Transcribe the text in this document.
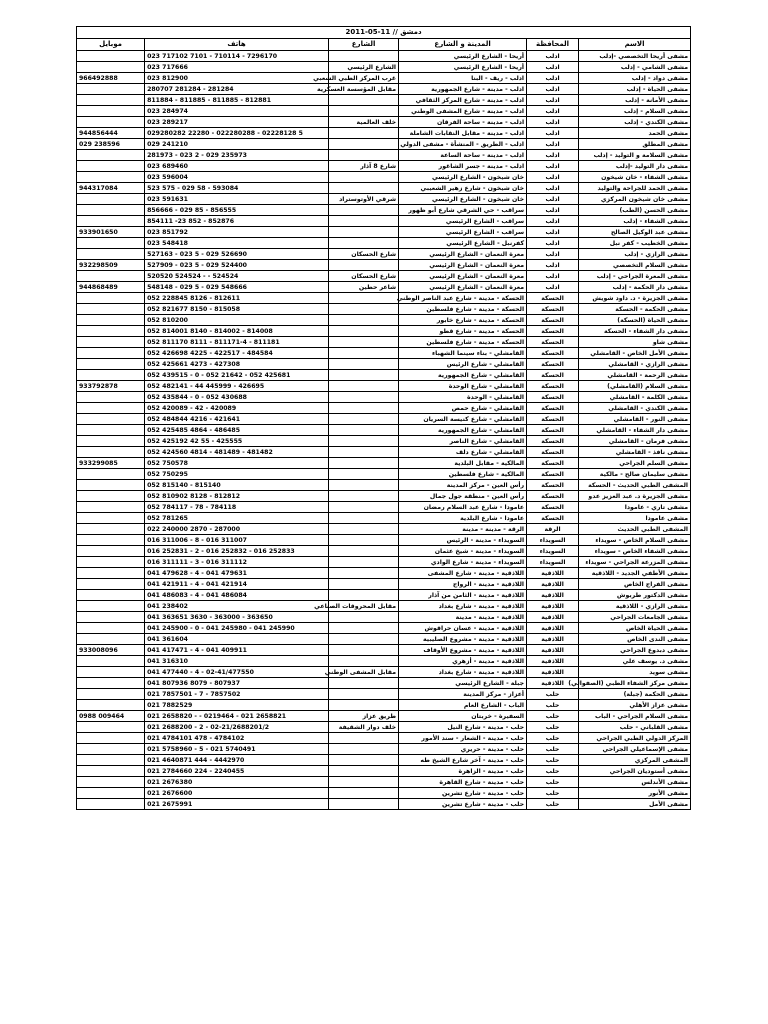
دمشق // 11-05-2011					
الاسم	المحافظة	المدينة و الشارع	الشارع	هاتف	موبايل
مشفى أريحا التخصصي -إدلب	ادلب	أريحا - الشارع الرئيسي		023 717102 7101 - 710114 - 7296170	
مشفى الشامي - إدلب	ادلب	أريحا - الشارع الرئيسي	الشارع الرئيسي	023 717666	
مشفى دواد - إدلب	ادلب	ادلب - ريف - البنا	غرب المركز الطبي الشعبي	023 812900	966492888
مشفى الحياة - إدلب	ادلب	ادلب - مدينة - شارع الجمهورية	مقابل المؤسسة العسكرية	280707 281284 - 281284	
مشفى الأمانة - إدلب	ادلب	ادلب - مدينة - شارع المركز الثقافي		811884 - 811885 - 811885 - 812881	
مشفى السلام - إدلب	ادلب	ادلب - مدينة - شارع المشفى الوطني		023 284974	
مشفى الكندي - إدلب	ادلب	ادلب - مدينة - ساحة الفرقان	خلف العالمية	023 289217	
مشفى الحمد	ادلب	ادلب - مدينة - مقابل النقابات الشاملة		029280282 22280 - 022280288 - 02228128 5	944856444
مشفى المطلق	ادلب	ادلب - الطريق - المنشأة - مشفى الدولي		029 241210	029 238596
مشفى السلامة و التوليد - إدلب	ادلب	ادلب - مدينة - ساحة الساعة		281973 - 023 2 - 029 235973	
مشفى دار التوليد -إدلب	ادلب	ادلب - مدينة - جسر الشاغور	شارع 8 آذار	023 689460	
مشفى الشفاء - خان شيخون	ادلب	خان شيخون - الشارع الرئيسي		023 596004	
مشفى الحمد للجراحة والتوليد	ادلب	خان شيخون - شارع زهير الشعيبي		523 575 - 029 58 - 593084	944317084
مشفى خان شيخون المركزي	ادلب	خان شيخون - الشارع الرئيسي	شرقي الأوتوستراد	023 591631	
مشفى الحسن (الطب)	ادلب	سراقب - حي الشرقي شارع أبو ظهور		856666 - 029 85 - 856555	
مشفى الشفاء - إدلب	ادلب	سراقب - الشارع الرئيسي		854111 -23 852 - 852876	
مشفى عبد الوكيل الصالح	ادلب	سراقب - الشارع الرئيسي		023 851792	933901650
مشفى الخطيب - كفر نبل	ادلب	كفرنبل - الشارع الرئيسي		023 548418	
مشفى الرازي - إدلب	ادلب	معرة النعمان - الشارع الرئيسي	شارع الحسكان	527163 - 023 5 - 029 526690	
مشفى السلام التخصصي	ادلب	معرة النعمان - الشارع الرئيسي		527909 - 023 5 - 029 524400	932298509
مشفى المعرة الجراحي - إدلب	ادلب	معرة النعمان - الشارع الرئيسي	شارع الحسكان	520520 524524 - - 524524	
مشفى دار الحكمة - إدلب	ادلب	معرة النعمان - الشارع الرئيسي	شاعر حطين	548148 - 029 5 - 029 548666	944868489
مشفى الجزيرة - د. داود شويش	الحسكة	الحسكة - مدينة - شارع عبد الناصر الوطني		052 228845 8126 - 812611	
مشفى الحكمة - الحسكة	الحسكة	الحسكة - مدينة - شارع فلسطين		052 821677 8150 - 815058	
مشفى الحياة (الحسكة)	الحسكة	الحسكة - مدينة - شارع خابور		052 810200	
مشفى دار الشفاء - الحسكة	الحسكة	الحسكة - مدينة - شارع قطو		052 814001 8140 - 814002 - 814008	
مشفى شاو	الحسكة	الحسكة - مدينة - شارع فلسطين		052 811170 8111 - 811171-4 - 811181	
مشفى الأمل الخاص - القامشلي	الحسكة	القامشلي - بناء سينما الشهباء		052 426698 4225 - 422517 - 484584	
مشفى الرازي - القامشلي	الحسكة	القامشلي - شارع الرئيس		052 425661 4273 - 427308	
مشفى الرحمة - القامشلي	الحسكة	القامشلي - شارع الجمهورية		052 439515 - 0 - 052 21642 - 052 425681	
مشفى السلام (القامشلي)	الحسكة	القامشلي - شارع الوحدة		052 482141 - 44 445999 - 426695	933792878
مشفى الكلمة - القامشلي	الحسكة	القامشلي - الوحدة		052 435844 - 0 - 052 430688	
مشفى الكندي - القامشلي	الحسكة	القامشلي - شارع حمص		052 420089 - 42 - 420089	
مشفى النور - القامشلي	الحسكة	القامشلي - شارع كنيسة السريان		052 484844 4216 - 421641	
مشفى دار الشفاء - القامشلي	الحسكة	القامشلي - شارع الجمهورية		052 425485 4864 - 486485	
مشفى فرمان - القامشلي	الحسكة	القامشلي - شارع الناصر		052 425192 42 55 - 425555	
مشفى نافذ - القامشلي	الحسكة	القامشلي - شارع دلف		052 424560 4814 - 481489 - 481482	
مشفى السلم الجراحي	الحسكة	المالكية - مقابل البلدية		052 750578	933299085
مشفى سليمان صالح - مالكية	الحسكة	المالكية - شارع فلسطين		052 750295	
المشفى الطبي الحديث - الحسكة	الحسكة	رأس العين - مركز المدينة		052 815140 - 815140	
مشفى الجزيرة د. عبد العزيز عدو	الحسكة	رأس العين - منطقة جول جمال		052 810902 8128 - 812812	
مشفى تاري - عامودا	الحسكة	عامودا - شارع عبد السلام رمضان		052 784117 - 78 - 784118	
مشفى عامودا	الحسكة	عامودا - شارع البلدية		052 781265	
المشفى الطبي الحديث	الرقة	الرقة - مدينة - مدينة		022 240000 2870 - 287000	
مشفى السلام الخاص - سويداء	السويداء	السويداء - مدينة - الرئيس		016 311006 - 8 - 016 311007	
مشفى الشفاء الخاص - سويداء	السويداء	السويداء - مدينة - شيخ عثمان		016 252831 - 2 - 016 252832 - 016 252833	
مشفى المزرعة الجراحي - سويداء	السويداء	السويداء - مدينة - شارع الوادي		016 311111 - 3 - 016 311112	
مشفى الأطفي الجديد - اللاذقية	اللاذقية	اللاذقية - مدينة - شارع المشفى		041 479628 - 4 - 041 479631	
مشفى الفراج الخاص	اللاذقية	اللاذقية - مدينة - الرواج		041 421911 - 4 - 041 421914	
مشفى الدكتور طربوش	اللاذقية	اللاذقية - مدينة - الثامن من آذار		041 486083 - 4 - 041 486084	
مشفى الرازي - اللاذقية	اللاذقية	اللاذقية - مدينة - شارع بغداد	مقابل المحروقات الصناعي	041 238402	
مشفى الجامعات الجراحي	اللاذقية	اللاذقية - مدينة - مدينة		041 363651 3630 - 363000 - 363650	
مشفى الحياة الخاص	اللاذقية	اللاذقية - مدينة - عسان حراقوش		041 245900 - 0 - 041 245980 - 041 245990	
مشفى الندى الخاص	اللاذقية	اللاذقية - مدينة - مشروع الصليبية		041 361604	
مشفى دبدوع الجراحي	اللاذقية	اللاذقية - مدينة - مشروع الأوقاف		041 417471 - 4 - 041 409911	933008096
مشفى د. يوسف علي	اللاذقية	اللاذقية - مدينة - أزهري		041 316310	
مشفى سويد	اللاذقية	اللاذقية - مدينة - شارع بغداد	مقابل المشفى الوطني	041 477440 - 4 - 02-41/477550	
مشفى مركز الشفاء الطبي (الصفوالي)	اللاذقية	جبلة - الشارع الرئيسي		041 807936 8079 - 807937	
مشفى الحكمة (جبلة)	حلب	أعزاز - مركز المدينة		021 7857501 - 7 - 7857502	
مشفى عزاز الأهلي	حلب	الباب - الشارع العام		021 7882529	
مشفى السلام الجراحي - الباب	حلب	السفيرة - خربتان	طريق عزاز	021 2658820 - - 0219464 - 021 2658821	0988 009464
مشفى القلباني - حلب	حلب	حلب - مدينة - شارع النيل	خلف دوار الشقيفة	021 2688200 - 2 - 02-21/2688201/2	
المركز الدولي الطبي الجراحي	حلب	حلب - مدينة - الشعار - سند الأمور		021 4784101 478 - 4784102	
مشفى الإسماعيلي الجراحي	حلب	حلب - مدينة - حريري		021 5758960 - 5 - 021 5740491	
المشفى المركزي	حلب	حلب - مدينة - آخر شارع الشيخ طه		021 4640871 444 - 4442970	
مشفى أستوديان الجراحي	حلب	حلب - مدينة - الزاهرة		021 2784660 224 - 2240455	
مشفى الأندلس	حلب	حلب - مدينة - شارع القاهرة		021 2676380	
مشفى الأنور	حلب	حلب - مدينة - شارع تشرين		021 2676600	
مشفى الأمل	حلب	حلب - مدينة - شارع تشرين		021 2675991	
